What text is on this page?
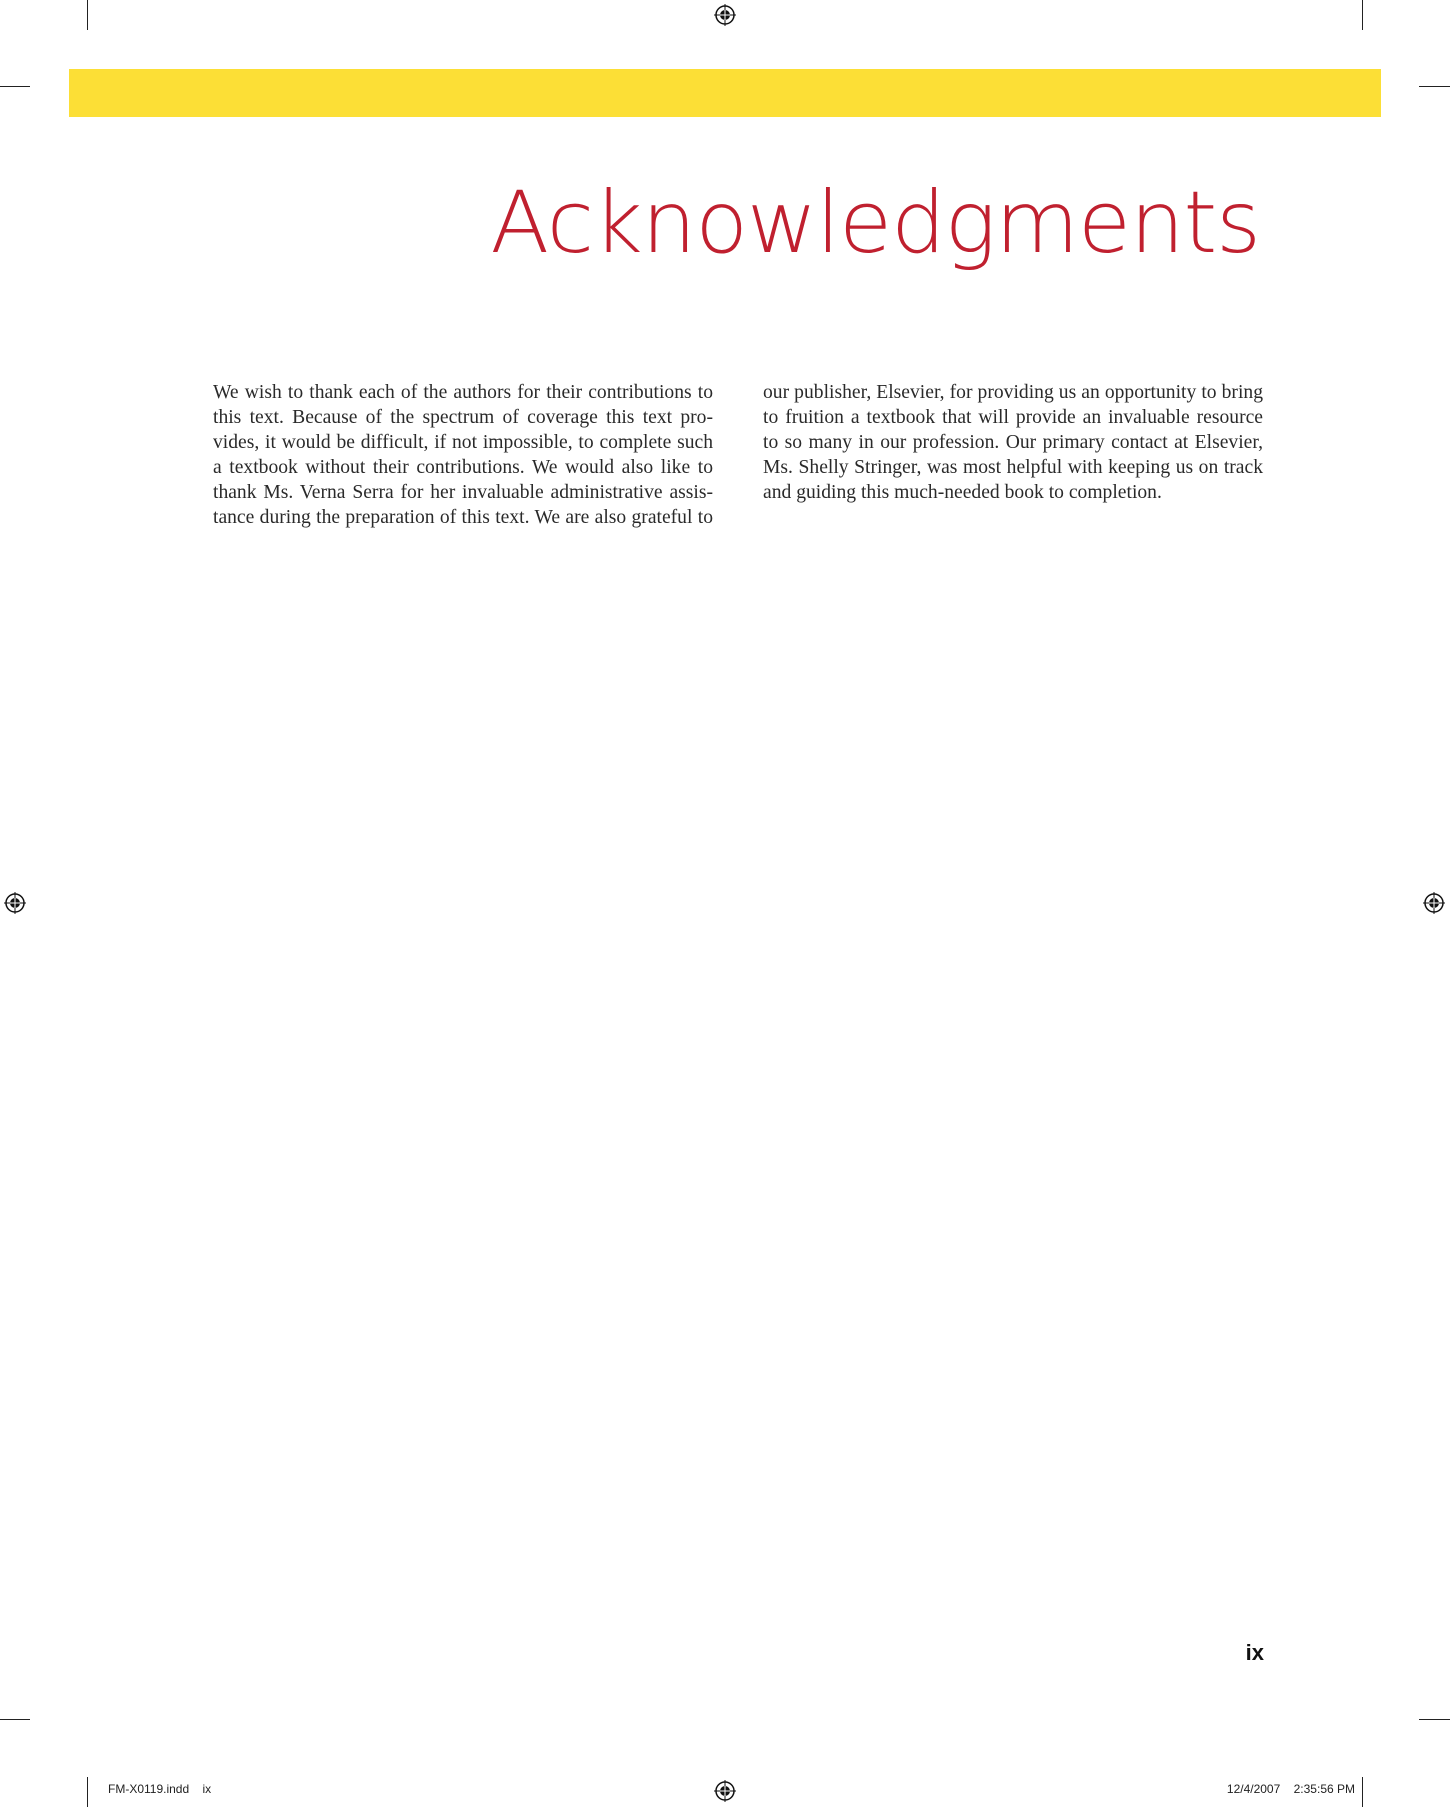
Acknowledgments

We wish to thank each of the authors for their contributions to this text. Because of the spectrum of coverage this text provides, it would be difficult, if not impossible, to complete such a textbook without their contributions. We would also like to thank Ms. Verna Serra for her invaluable administrative assistance during the preparation of this text. We are also grateful to our publisher, Elsevier, for providing us an opportunity to bring to fruition a textbook that will provide an invaluable resource to so many in our profession. Our primary contact at Elsevier, Ms. Shelly Stringer, was most helpful with keeping us on track and guiding this much-needed book to completion.

ix
FM-X0119.indd ix	12/4/2007 2:35:56 PM
